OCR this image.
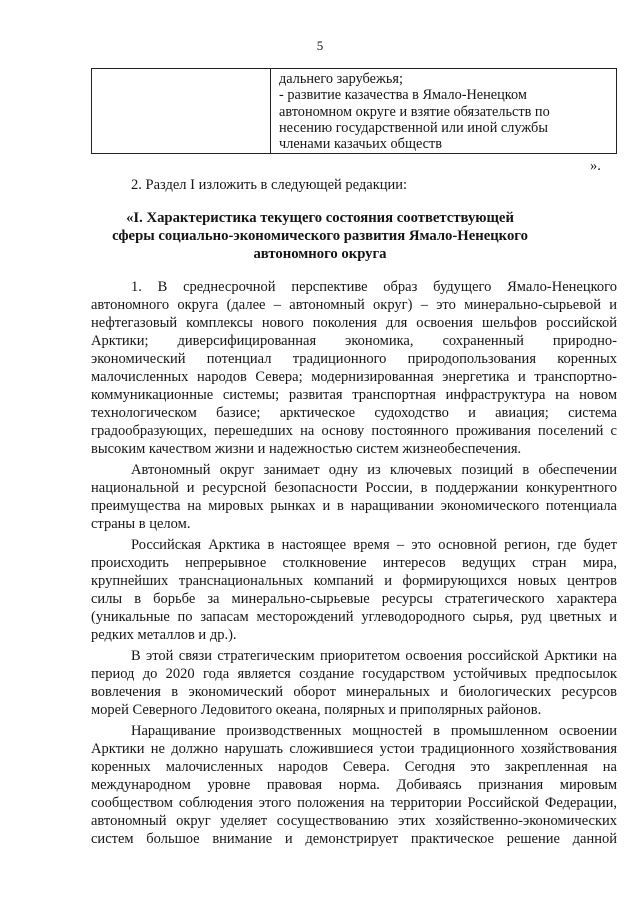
5

дальнего зарубежья;
- развитие казачества в Ямало-Ненецком
автономном округе и взятие обязательств по
несению государственной или иной службы
членами казачьих обществ
».
2. Раздел I изложить в следующей редакции:
«I. Характеристика текущего состояния соответствующей
сферы социально-экономического развития Ямало-Ненецкого
автономного округа
1. В среднесрочной перспективе образ будущего Ямало-Ненецкого
автономного округа (далее – автономный округ) – это минерально-сырьевой и
нефтегазовый комплексы нового поколения для освоения шельфов российской
Арктики; диверсифицированная экономика, сохраненный природно-
экономический потенциал традиционного природопользования коренных
малочисленных народов Севера; модернизированная энергетика и транспортно-
коммуникационные системы; развитая транспортная инфраструктура на новом
технологическом базисе; арктическое судоходство и авиация; система
градообразующих, перешедших на основу постоянного проживания поселений с
высоким качеством жизни и надежностью систем жизнеобеспечения.
Автономный округ занимает одну из ключевых позиций в обеспечении
национальной и ресурсной безопасности России, в поддержании конкурентного
преимущества на мировых рынках и в наращивании экономического потенциала
страны в целом.
Российская Арктика в настоящее время – это основной регион, где будет
происходить непрерывное столкновение интересов ведущих стран мира,
крупнейших транснациональных компаний и формирующихся новых центров
силы в борьбе за минерально-сырьевые ресурсы стратегического характера
(уникальные по запасам месторождений углеводородного сырья, руд цветных и
редких металлов и др.).
В этой связи стратегическим приоритетом освоения российской Арктики на
период до 2020 года является создание государством устойчивых предпосылок
вовлечения в экономический оборот минеральных и биологических ресурсов
морей Северного Ледовитого океана, полярных и приполярных районов.
Наращивание производственных мощностей в промышленном освоении
Арктики не должно нарушать сложившиеся устои традиционного хозяйствования
коренных малочисленных народов Севера. Сегодня это закрепленная на
международном уровне правовая норма. Добиваясь признания мировым
сообществом соблюдения этого положения на территории Российской Федерации,
автономный округ уделяет сосуществованию этих хозяйственно-экономических
систем большое внимание и демонстрирует практическое решение данной
